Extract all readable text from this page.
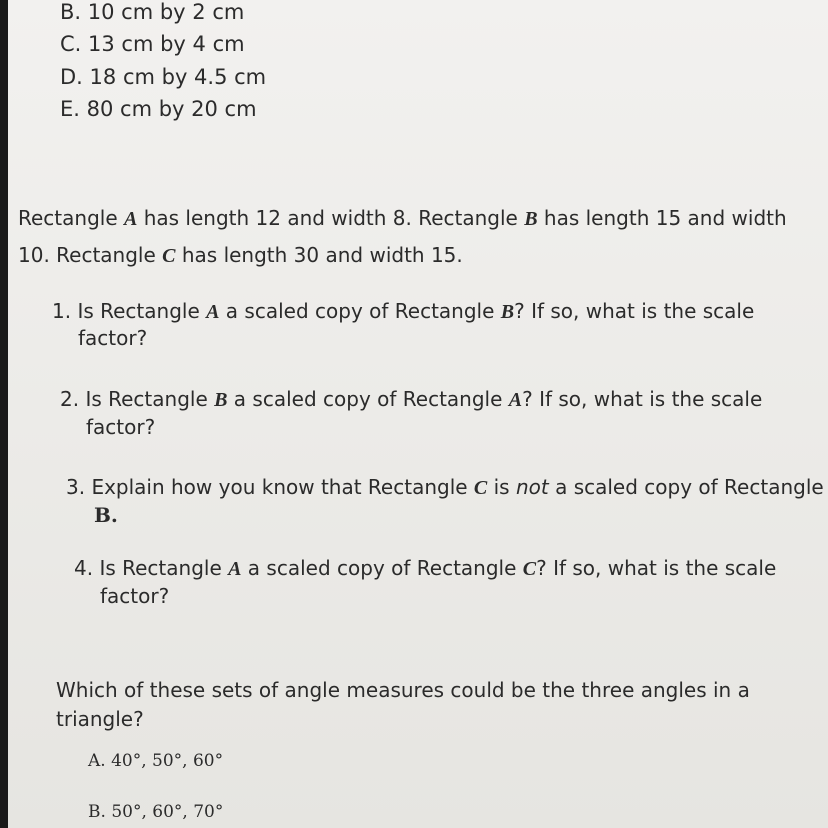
B. 10 cm by 2 cm
C. 13 cm by 4 cm
D. 18 cm by 4.5 cm
E. 80 cm by 20 cm
Rectangle A has length 12 and width 8. Rectangle B has length 15 and width
10. Rectangle C has length 30 and width 15.
1. Is Rectangle A a scaled copy of Rectangle B? If so, what is the scale
factor?
2. Is Rectangle B a scaled copy of Rectangle A? If so, what is the scale
factor?
3. Explain how you know that Rectangle C is not a scaled copy of Rectangle
B.
4. Is Rectangle A a scaled copy of Rectangle C? If so, what is the scale
factor?
Which of these sets of angle measures could be the three angles in a
triangle?
A. 40°, 50°, 60°
B. 50°, 60°, 70°
